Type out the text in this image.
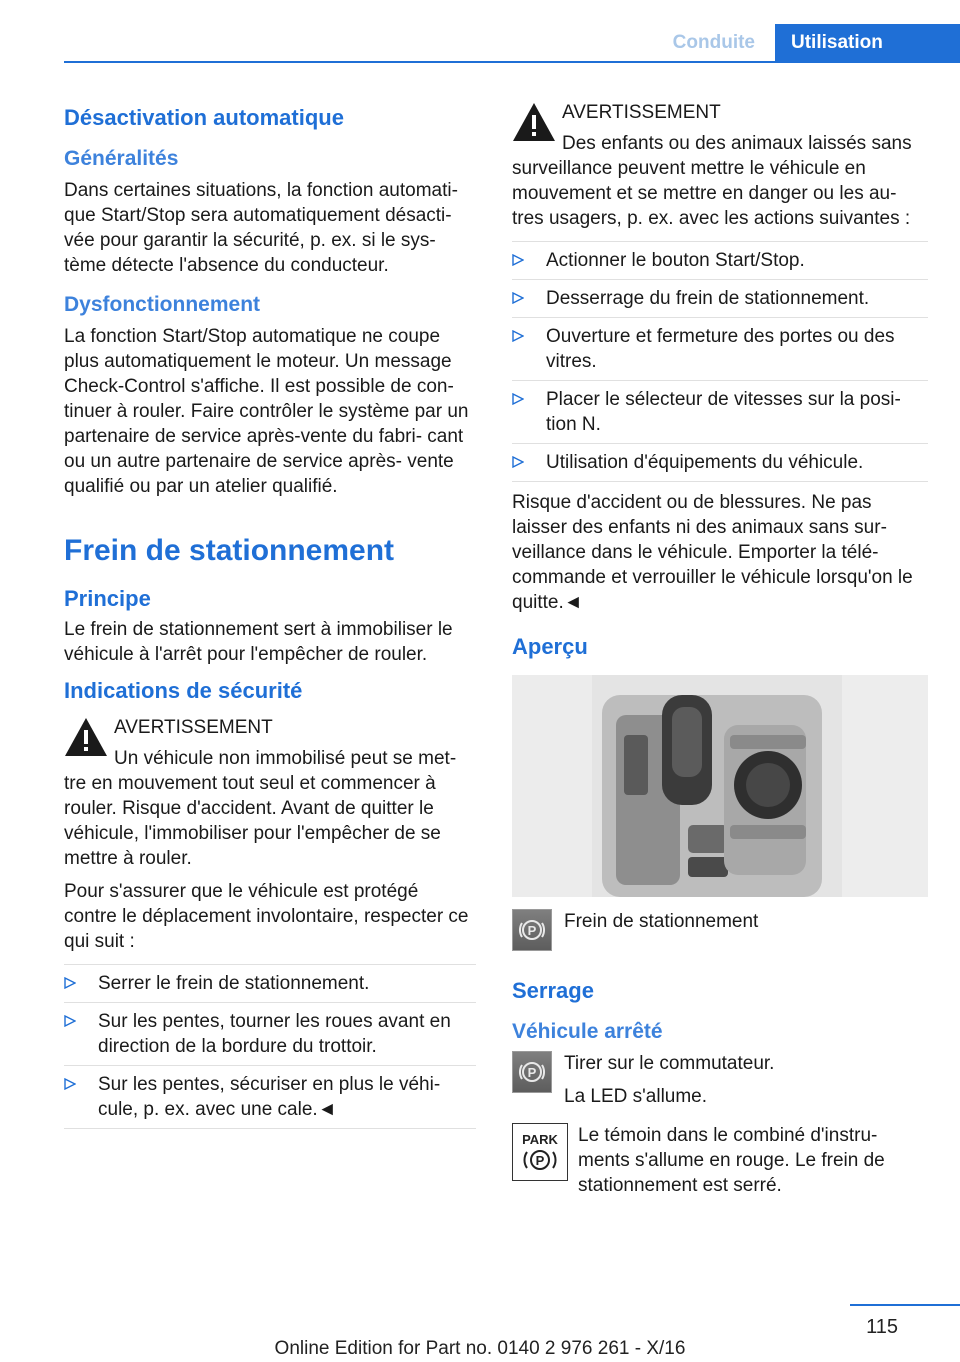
Conduite	Utilisation
Désactivation automatique
Généralités

Dans certaines situations, la fonction automati‐ que Start/Stop sera automatiquement désacti‐ vée pour garantir la sécurité, p. ex. si le sys‐ tème détecte l'absence du conducteur.

Dysfonctionnement

La fonction Start/Stop automatique ne coupe plus automatiquement le moteur. Un message Check-Control s'affiche. Il est possible de con‐ tinuer à rouler. Faire contrôler le système par un partenaire de service après-vente du fabri‐ cant ou un autre partenaire de service après- vente qualifié ou par un atelier qualifié.

Frein de stationnement
Principe

Le frein de stationnement sert à immobiliser le véhicule à l'arrêt pour l'empêcher de rouler.

Indications de sécurité

AVERTISSEMENT

Un véhicule non immobilisé peut se met‐ tre en mouvement tout seul et commencer à rouler. Risque d'accident. Avant de quitter le véhicule, l'immobiliser pour l'empêcher de se mettre à rouler.

Pour s'assurer que le véhicule est protégé contre le déplacement involontaire, respecter ce qui suit :

Serrer le frein de stationnement.
Sur les pentes, tourner les roues avant en direction de la bordure du trottoir.
Sur les pentes, sécuriser en plus le véhi‐ cule, p. ex. avec une cale.◄

AVERTISSEMENT

Des enfants ou des animaux laissés sans surveillance peuvent mettre le véhicule en mouvement et se mettre en danger ou les au‐ tres usagers, p. ex. avec les actions suivantes :

Actionner le bouton Start/Stop.
Desserrage du frein de stationnement.
Ouverture et fermeture des portes ou des vitres.
Placer le sélecteur de vitesses sur la posi‐ tion N.
Utilisation d'équipements du véhicule.

Risque d'accident ou de blessures. Ne pas laisser des enfants ni des animaux sans sur‐ veillance dans le véhicule. Emporter la télé‐ commande et verrouiller le véhicule lorsqu'on le quitte.◄

Aperçu
P Frein de stationnement

Serrage
Véhicule arrêté
P Tirer sur le commutateur.

La LED s'allume.

PARK
P

Le témoin dans le combiné d'instru‐ ments s'allume en rouge. Le frein de stationnement est serré.

115
Online Edition for Part no. 0140 2 976 261 - X/16
